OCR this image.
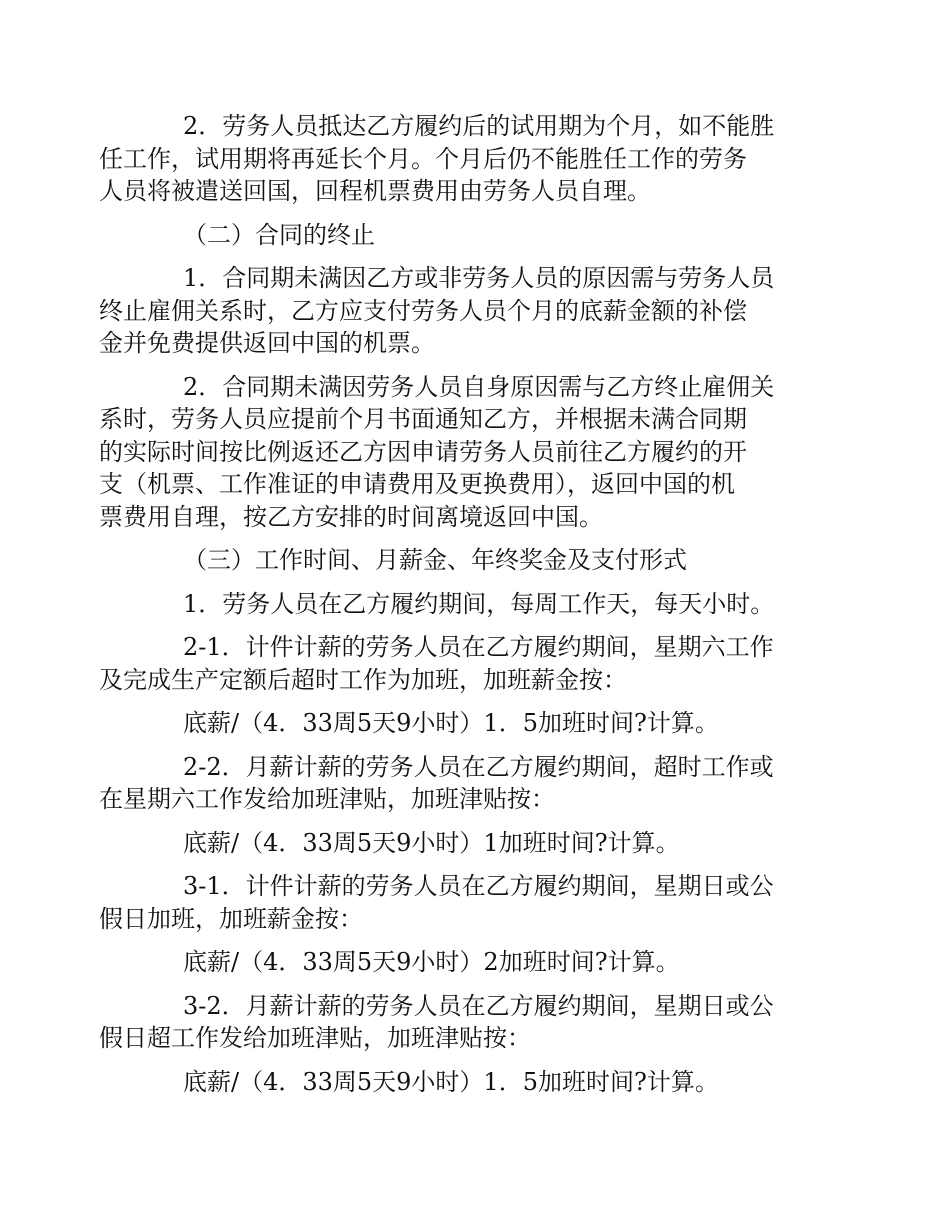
2．劳务人员抵达乙方履约后的试用期为个月，如不能胜
任工作，试用期将再延长个月。个月后仍不能胜任工作的劳务
人员将被遣送回国，回程机票费用由劳务人员自理。
（二）合同的终止
1．合同期未满因乙方或非劳务人员的原因需与劳务人员
终止雇佣关系时，乙方应支付劳务人员个月的底薪金额的补偿
金并免费提供返回中国的机票。
2．合同期未满因劳务人员自身原因需与乙方终止雇佣关
系时，劳务人员应提前个月书面通知乙方，并根据未满合同期
的实际时间按比例返还乙方因申请劳务人员前往乙方履约的开
支（机票、工作准证的申请费用及更换费用），返回中国的机
票费用自理，按乙方安排的时间离境返回中国。
（三）工作时间、月薪金、年终奖金及支付形式
1．劳务人员在乙方履约期间，每周工作天，每天小时。
2-1．计件计薪的劳务人员在乙方履约期间，星期六工作
及完成生产定额后超时工作为加班，加班薪金按：
底薪/（4．33周5天9小时）1．5加班时间?计算。
2-2．月薪计薪的劳务人员在乙方履约期间，超时工作或
在星期六工作发给加班津贴，加班津贴按：
底薪/（4．33周5天9小时）1加班时间?计算。
3-1．计件计薪的劳务人员在乙方履约期间，星期日或公
假日加班，加班薪金按：
底薪/（4．33周5天9小时）2加班时间?计算。
3-2．月薪计薪的劳务人员在乙方履约期间，星期日或公
假日超工作发给加班津贴，加班津贴按：
底薪/（4．33周5天9小时）1．5加班时间?计算。
